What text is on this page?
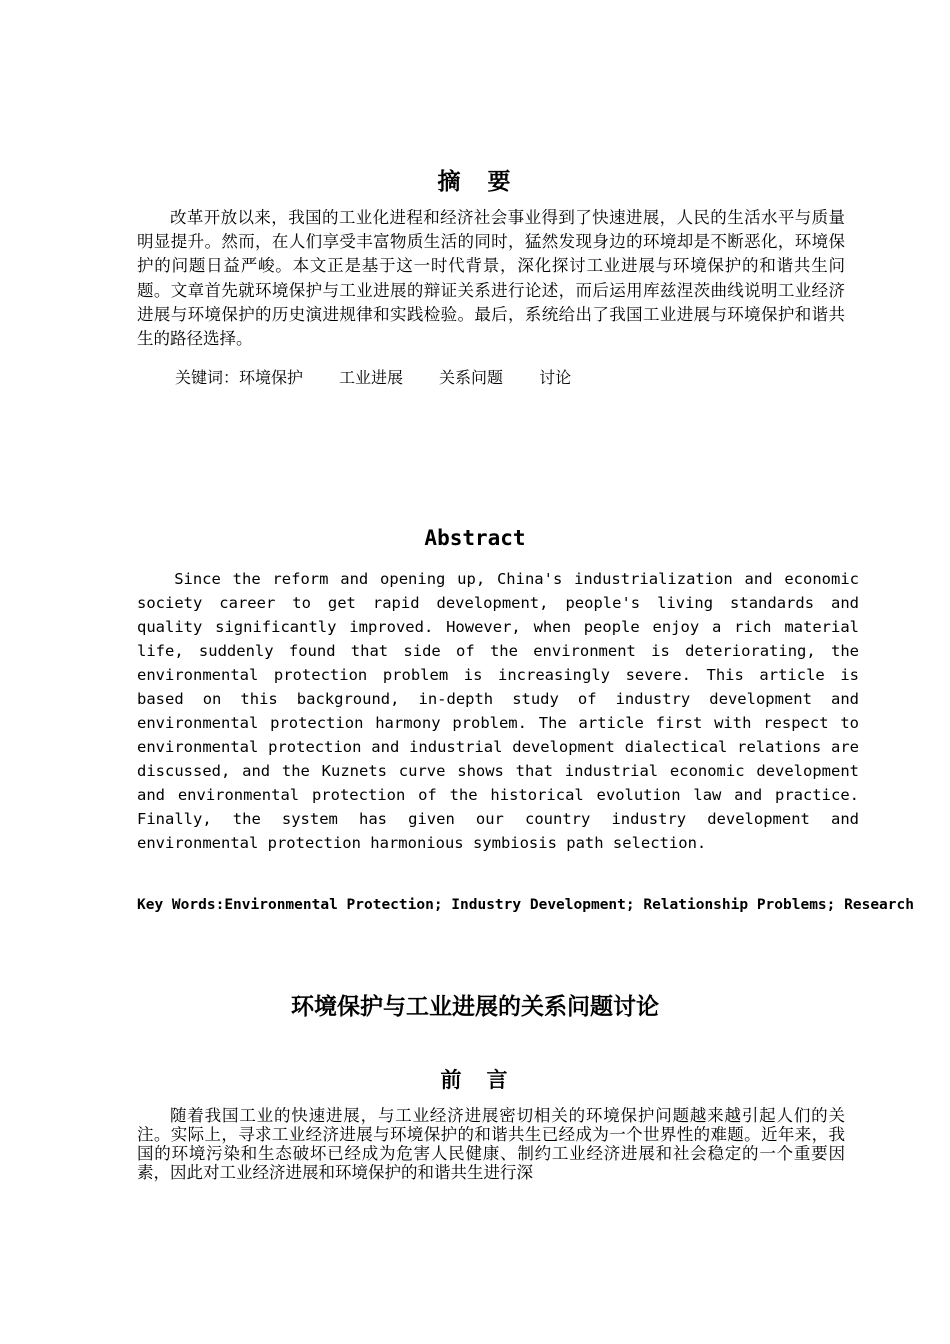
摘　要

改革开放以来，我国的工业化进程和经济社会事业得到了快速进展，人民的生活水平与质量明显提升。然而，在人们享受丰富物质生活的同时，猛然发现身边的环境却是不断恶化，环境保护的问题日益严峻。本文正是基于这一时代背景，深化探讨工业进展与环境保护的和谐共生问题。文章首先就环境保护与工业进展的辩证关系进行论述，而后运用库兹涅茨曲线说明工业经济进展与环境保护的历史演进规律和实践检验。最后，系统给出了我国工业进展与环境保护和谐共生的路径选择。

关键词：环境保护 工业进展 关系问题 讨论

Abstract

Since the reform and opening up, China's industrialization and economic society career to get rapid development, people's living standards and quality significantly improved. However, when people enjoy a rich material life, suddenly found that side of the environment is deteriorating, the environmental protection problem is increasingly severe. This article is based on this background, in-depth study of industry development and environmental protection harmony problem. The article first with respect to environmental protection and industrial development dialectical relations are discussed, and the Kuznets curve shows that industrial economic development and environmental protection of the historical evolution law and practice. Finally, the system has given our country industry development and environmental protection harmonious symbiosis path selection.

Key Words:Environmental Protection; Industry Development; Relationship Problems; Research

环境保护与工业进展的关系问题讨论
前　言

随着我国工业的快速进展，与工业经济进展密切相关的环境保护问题越来越引起人们的关注。实际上，寻求工业经济进展与环境保护的和谐共生已经成为一个世界性的难题。近年来，我国的环境污染和生态破坏已经成为危害人民健康、制约工业经济进展和社会稳定的一个重要因素，因此对工业经济进展和环境保护的和谐共生进行深
